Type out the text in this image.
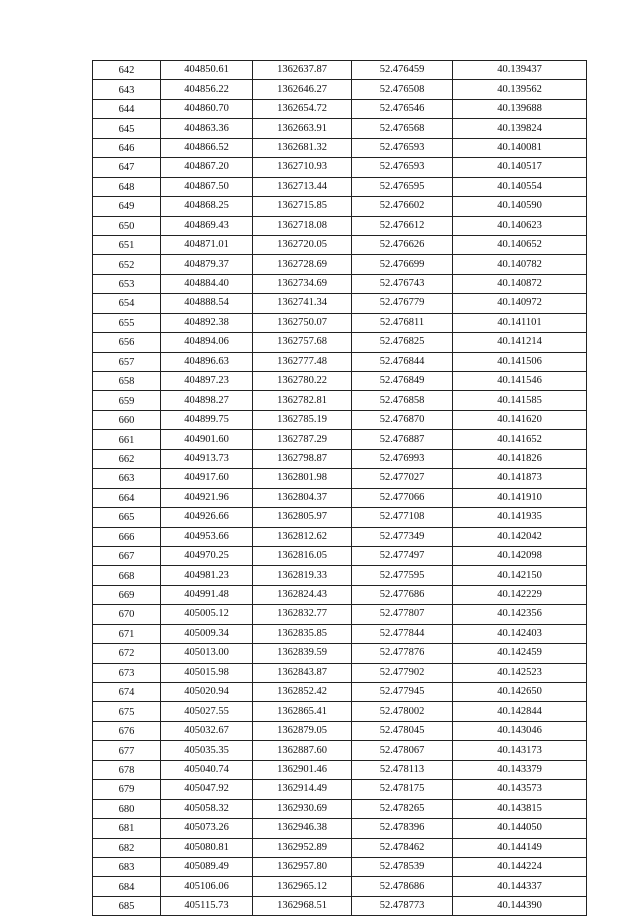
642	404850.61	1362637.87	52.476459	40.139437
643	404856.22	1362646.27	52.476508	40.139562
644	404860.70	1362654.72	52.476546	40.139688
645	404863.36	1362663.91	52.476568	40.139824
646	404866.52	1362681.32	52.476593	40.140081
647	404867.20	1362710.93	52.476593	40.140517
648	404867.50	1362713.44	52.476595	40.140554
649	404868.25	1362715.85	52.476602	40.140590
650	404869.43	1362718.08	52.476612	40.140623
651	404871.01	1362720.05	52.476626	40.140652
652	404879.37	1362728.69	52.476699	40.140782
653	404884.40	1362734.69	52.476743	40.140872
654	404888.54	1362741.34	52.476779	40.140972
655	404892.38	1362750.07	52.476811	40.141101
656	404894.06	1362757.68	52.476825	40.141214
657	404896.63	1362777.48	52.476844	40.141506
658	404897.23	1362780.22	52.476849	40.141546
659	404898.27	1362782.81	52.476858	40.141585
660	404899.75	1362785.19	52.476870	40.141620
661	404901.60	1362787.29	52.476887	40.141652
662	404913.73	1362798.87	52.476993	40.141826
663	404917.60	1362801.98	52.477027	40.141873
664	404921.96	1362804.37	52.477066	40.141910
665	404926.66	1362805.97	52.477108	40.141935
666	404953.66	1362812.62	52.477349	40.142042
667	404970.25	1362816.05	52.477497	40.142098
668	404981.23	1362819.33	52.477595	40.142150
669	404991.48	1362824.43	52.477686	40.142229
670	405005.12	1362832.77	52.477807	40.142356
671	405009.34	1362835.85	52.477844	40.142403
672	405013.00	1362839.59	52.477876	40.142459
673	405015.98	1362843.87	52.477902	40.142523
674	405020.94	1362852.42	52.477945	40.142650
675	405027.55	1362865.41	52.478002	40.142844
676	405032.67	1362879.05	52.478045	40.143046
677	405035.35	1362887.60	52.478067	40.143173
678	405040.74	1362901.46	52.478113	40.143379
679	405047.92	1362914.49	52.478175	40.143573
680	405058.32	1362930.69	52.478265	40.143815
681	405073.26	1362946.38	52.478396	40.144050
682	405080.81	1362952.89	52.478462	40.144149
683	405089.49	1362957.80	52.478539	40.144224
684	405106.06	1362965.12	52.478686	40.144337
685	405115.73	1362968.51	52.478773	40.144390
